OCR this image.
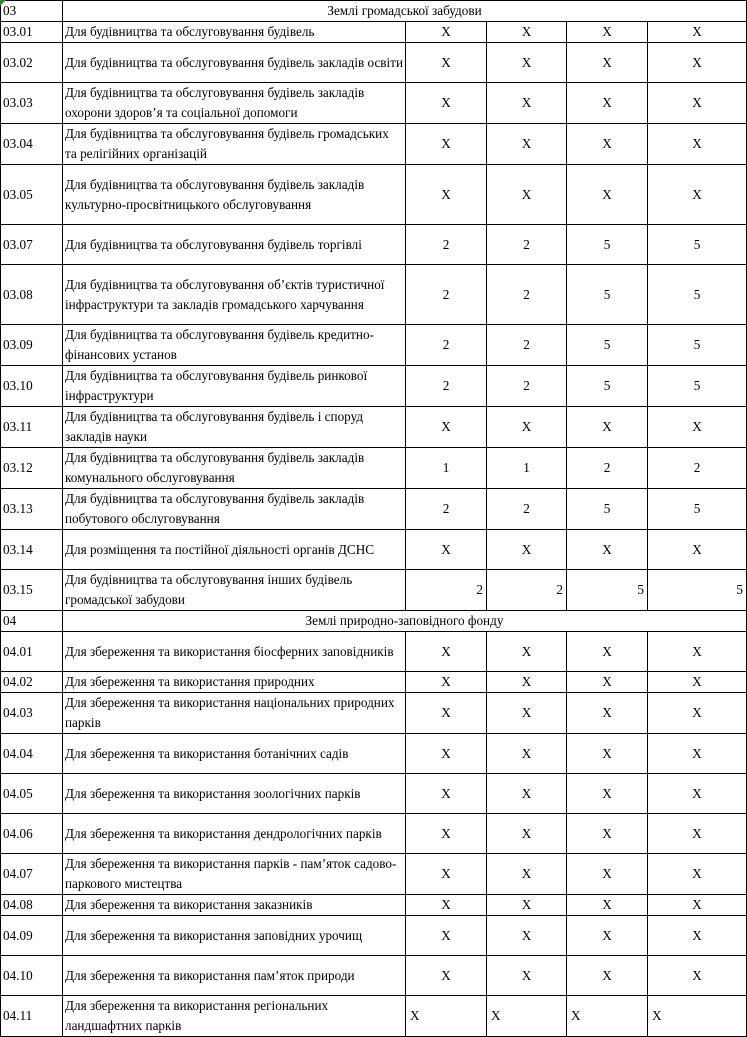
03	Землі громадської забудови				
03.01	Для будівництва та обслуговування будівель	X	X	X	X
03.02	Для будівництва та обслуговування будівель закладів освіти	X	X	X	X
03.03	Для будівництва та обслуговування будівель закладів охорони здоров’я та соціальної допомоги	X	X	X	X
03.04	Для будівництва та обслуговування будівель громадських та релігійних організацій	X	X	X	X
03.05	Для будівництва та обслуговування будівель закладів культурно-просвітницького обслуговування	X	X	X	X
03.07	Для будівництва та обслуговування будівель торгівлі	2	2	5	5
03.08	Для будівництва та обслуговування об’єктів туристичної інфраструктури та закладів громадського харчування	2	2	5	5
03.09	Для будівництва та обслуговування будівель кредитно-фінансових установ	2	2	5	5
03.10	Для будівництва та обслуговування будівель ринкової інфраструктури	2	2	5	5
03.11	Для будівництва та обслуговування будівель і споруд закладів науки	X	X	X	X
03.12	Для будівництва та обслуговування будівель закладів комунального обслуговування	1	1	2	2
03.13	Для будівництва та обслуговування будівель закладів побутового обслуговування	2	2	5	5
03.14	Для розміщення та постійної діяльності органів ДСНС	X	X	X	X
03.15	Для будівництва та обслуговування інших будівель громадської забудови	2	2	5	5
04	Землі природно-заповідного фонду				
04.01	Для збереження та використання біосферних заповідників	X	X	X	X
04.02	Для збереження та використання природних	X	X	X	X
04.03	Для збереження та використання національних природних парків	X	X	X	X
04.04	Для збереження та використання ботанічних садів	X	X	X	X
04.05	Для збереження та використання зоологічних парків	X	X	X	X
04.06	Для збереження та використання дендрологічних парків	X	X	X	X
04.07	Для збереження та використання парків - пам’яток садово-паркового мистецтва	X	X	X	X
04.08	Для збереження та використання заказників	X	X	X	X
04.09	Для збереження та використання заповідних урочищ	X	X	X	X
04.10	Для збереження та використання пам’яток природи	X	X	X	X
04.11	Для збереження та використання регіональних ландшафтних парків	X	X	X	X
